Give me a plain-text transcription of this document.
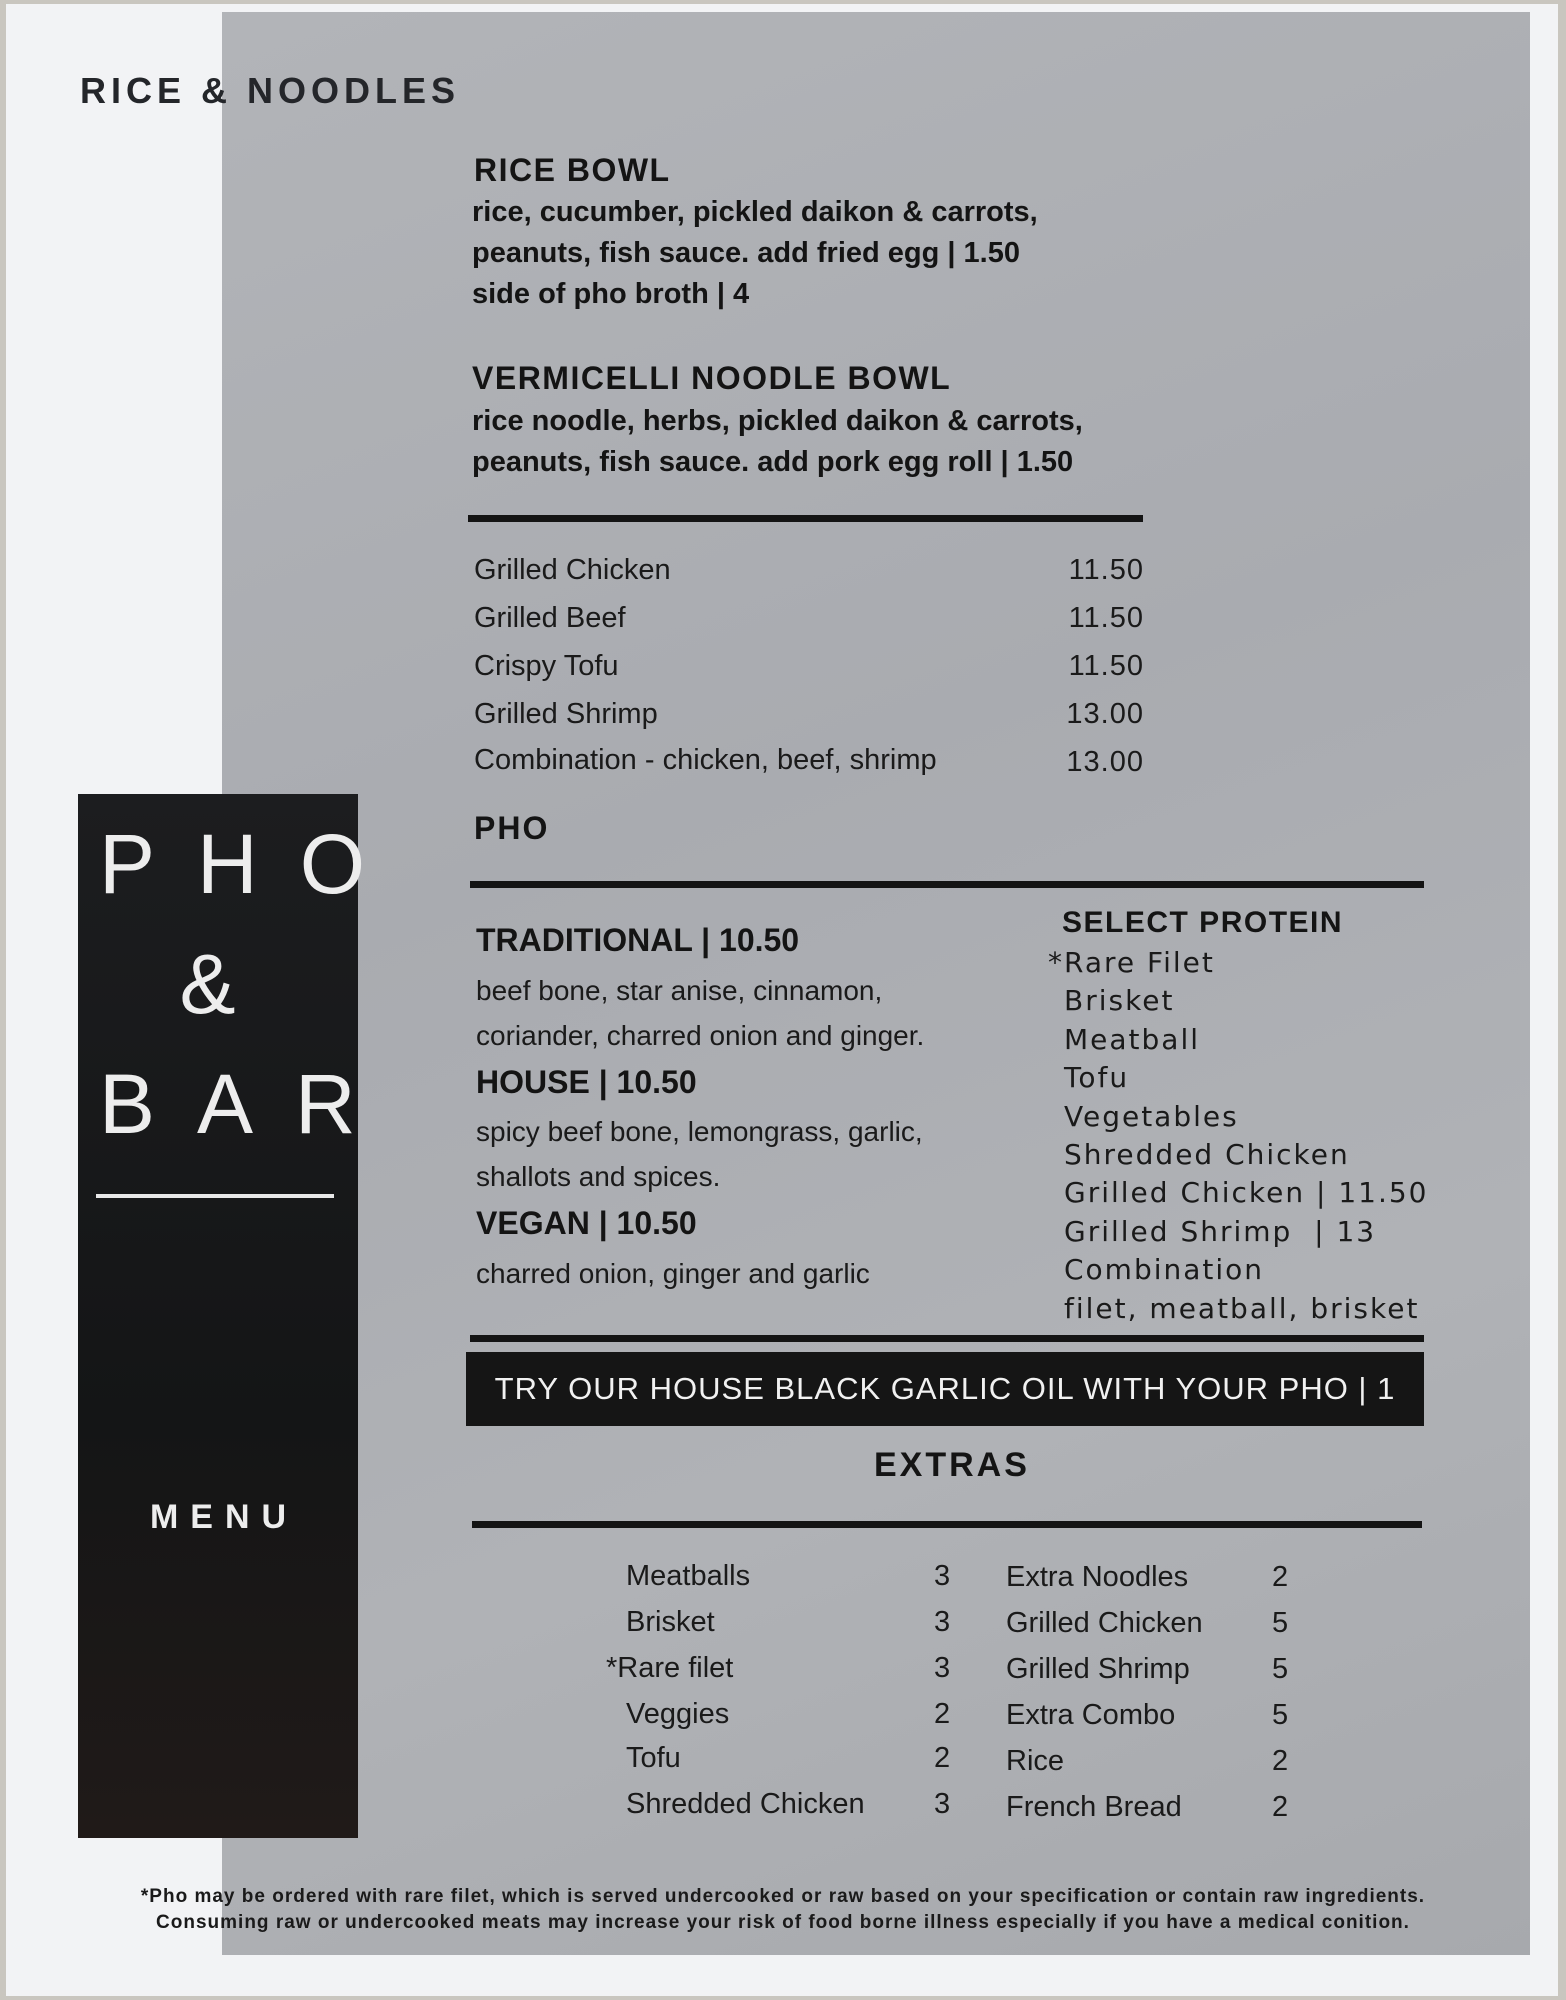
RICE & NOODLES
RICE BOWL
rice, cucumber, pickled daikon & carrots,
peanuts, fish sauce. add fried egg | 1.50
side of pho broth | 4
VERMICELLI NOODLE BOWL
rice noodle, herbs, pickled daikon & carrots,
peanuts, fish sauce. add pork egg roll | 1.50
Grilled Chicken	11.50
Grilled Beef	11.50
Crispy Tofu	11.50
Grilled Shrimp	13.00
Combination - chicken, beef, shrimp	13.00
PHO
TRADITIONAL | 10.50
beef bone, star anise, cinnamon,
coriander, charred onion and ginger.
HOUSE | 10.50
spicy beef bone, lemongrass, garlic,
shallots and spices.
VEGAN | 10.50
charred onion, ginger and garlic
SELECT PROTEIN
*Rare Filet
Brisket
Meatball
Tofu
Vegetables
Shredded Chicken
Grilled Chicken | 11.50
Grilled Shrimp  | 13
Combination
filet, meatball, brisket
TRY OUR HOUSE BLACK GARLIC OIL WITH YOUR PHO | 1
EXTRAS
Meatballs	3
Brisket	3
*Rare filet	3
Veggies	2
Tofu	2
Shredded Chicken 3
Extra Noodles	2
Grilled Chicken 5
Grilled Shrimp	5
Extra Combo	5
Rice	2
French Bread	2
PHO
&
BAR
MENU
*Pho may be ordered with rare filet, which is served undercooked or raw based on your specification or contain raw ingredients.
Consuming raw or undercooked meats may increase your risk of food borne illness especially if you have a medical conition.
